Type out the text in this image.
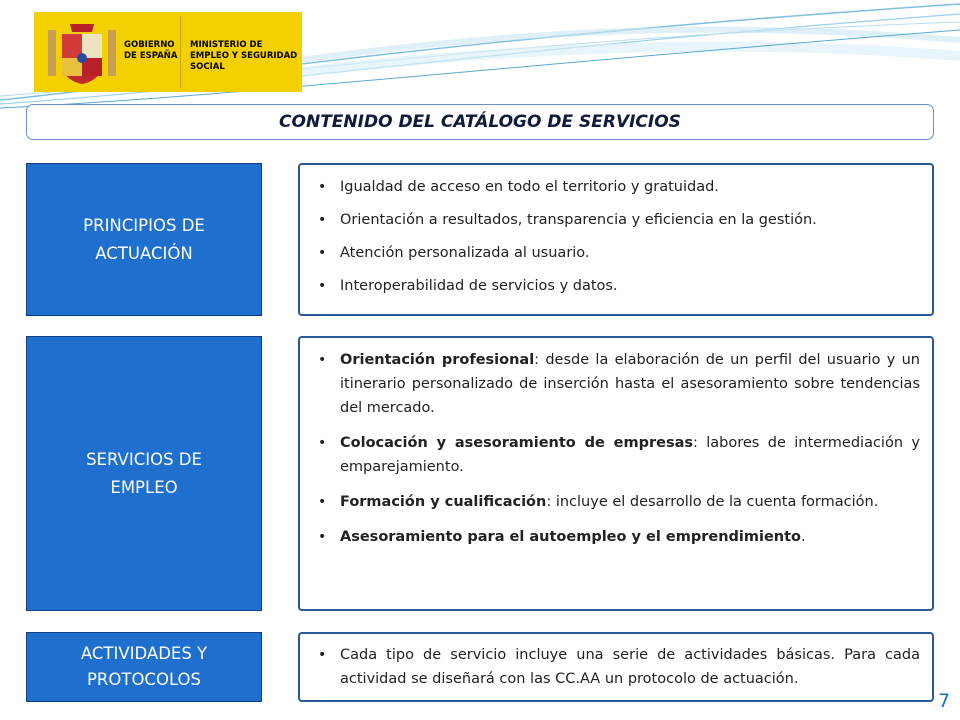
GOBIERNO DE ESPAÑA
MINISTERIO DE EMPLEO Y SEGURIDAD SOCIAL
CONTENIDO DEL CATÁLOGO DE SERVICIOS
PRINCIPIOS DE ACTUACIÓN
• Igualdad de acceso en todo el territorio y gratuidad.
• Orientación a resultados, transparencia y eficiencia en la gestión.
• Atención personalizada al usuario.
• Interoperabilidad de servicios y datos.
SERVICIOS DE EMPLEO
• Orientación profesional: desde la elaboración de un perfil del usuario y un itinerario personalizado de inserción hasta el asesoramiento sobre tendencias del mercado.
• Colocación y asesoramiento de empresas: labores de intermediación y emparejamiento.
• Formación y cualificación: incluye el desarrollo de la cuenta formación.
• Asesoramiento para el autoempleo y el emprendimiento.
ACTIVIDADES Y PROTOCOLOS
• Cada tipo de servicio incluye una serie de actividades básicas. Para cada actividad se diseñará con las CC.AA un protocolo de actuación.
7
